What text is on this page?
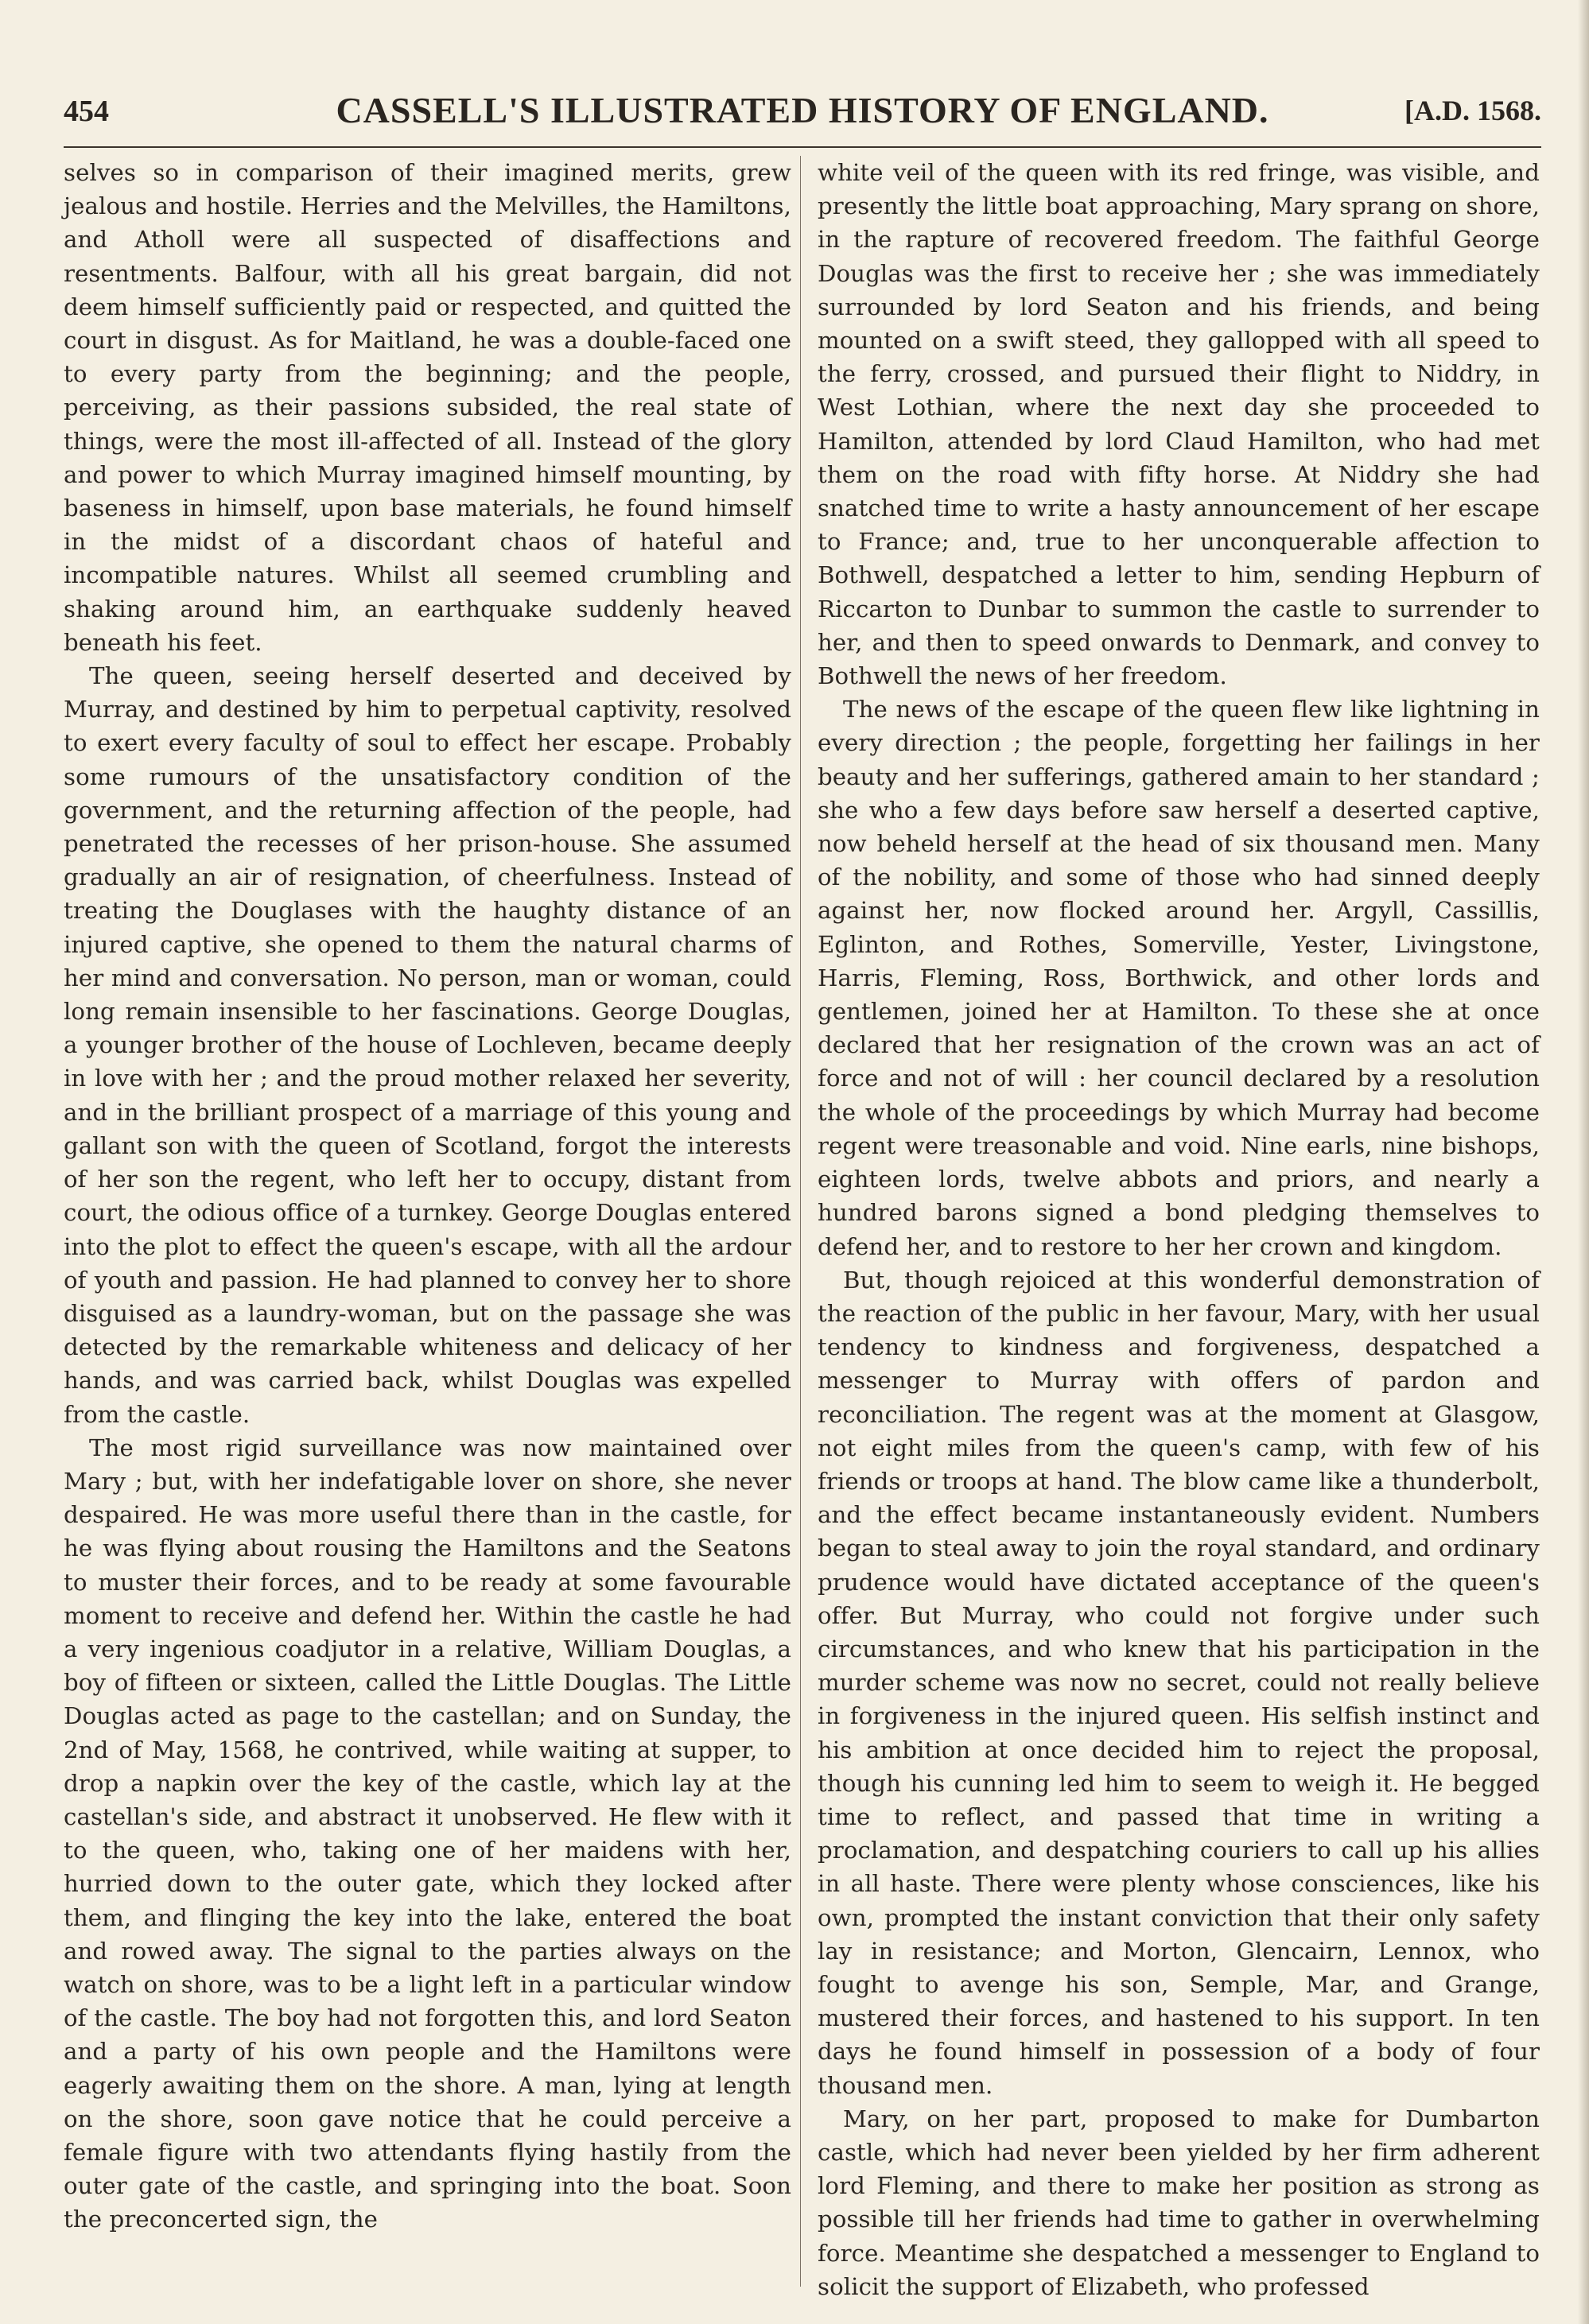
454	CASSELL'S ILLUSTRATED HISTORY OF ENGLAND.	[A.D. 1568.

selves so in comparison of their imagined merits, grew jealous and hostile. Herries and the Melvilles, the Hamiltons, and Atholl were all suspected of disaffections and resentments. Balfour, with all his great bargain, did not deem himself sufficiently paid or respected, and quitted the court in disgust. As for Maitland, he was a double-faced one to every party from the beginning; and the people, perceiving, as their passions subsided, the real state of things, were the most ill-affected of all. Instead of the glory and power to which Murray imagined himself mounting, by baseness in himself, upon base materials, he found himself in the midst of a discordant chaos of hateful and incompatible natures. Whilst all seemed crumbling and shaking around him, an earthquake suddenly heaved beneath his feet.

The queen, seeing herself deserted and deceived by Murray, and destined by him to perpetual captivity, resolved to exert every faculty of soul to effect her escape. Probably some rumours of the unsatisfactory condition of the government, and the returning affection of the people, had penetrated the recesses of her prison-house. She assumed gradually an air of resignation, of cheerfulness. Instead of treating the Douglases with the haughty distance of an injured captive, she opened to them the natural charms of her mind and conversation. No person, man or woman, could long remain insensible to her fascinations. George Douglas, a younger brother of the house of Lochleven, became deeply in love with her ; and the proud mother relaxed her severity, and in the brilliant prospect of a marriage of this young and gallant son with the queen of Scotland, forgot the interests of her son the regent, who left her to occupy, distant from court, the odious office of a turnkey. George Douglas entered into the plot to effect the queen's escape, with all the ardour of youth and passion. He had planned to convey her to shore disguised as a laundry-woman, but on the passage she was detected by the remarkable whiteness and delicacy of her hands, and was carried back, whilst Douglas was expelled from the castle.

The most rigid surveillance was now maintained over Mary ; but, with her indefatigable lover on shore, she never despaired. He was more useful there than in the castle, for he was flying about rousing the Hamiltons and the Seatons to muster their forces, and to be ready at some favourable moment to receive and defend her. Within the castle he had a very ingenious coadjutor in a relative, William Douglas, a boy of fifteen or sixteen, called the Little Douglas. The Little Douglas acted as page to the castellan; and on Sunday, the 2nd of May, 1568, he contrived, while waiting at supper, to drop a napkin over the key of the castle, which lay at the castellan's side, and abstract it unobserved. He flew with it to the queen, who, taking one of her maidens with her, hurried down to the outer gate, which they locked after them, and flinging the key into the lake, entered the boat and rowed away. The signal to the parties always on the watch on shore, was to be a light left in a particular window of the castle. The boy had not forgotten this, and lord Seaton and a party of his own people and the Hamiltons were eagerly awaiting them on the shore. A man, lying at length on the shore, soon gave notice that he could perceive a female figure with two attendants flying hastily from the outer gate of the castle, and springing into the boat. Soon the preconcerted sign, the

white veil of the queen with its red fringe, was visible, and presently the little boat approaching, Mary sprang on shore, in the rapture of recovered freedom. The faithful George Douglas was the first to receive her ; she was immediately surrounded by lord Seaton and his friends, and being mounted on a swift steed, they gallopped with all speed to the ferry, crossed, and pursued their flight to Niddry, in West Lothian, where the next day she proceeded to Hamilton, attended by lord Claud Hamilton, who had met them on the road with fifty horse. At Niddry she had snatched time to write a hasty announcement of her escape to France; and, true to her unconquerable affection to Bothwell, despatched a letter to him, sending Hepburn of Riccarton to Dunbar to summon the castle to surrender to her, and then to speed onwards to Denmark, and convey to Bothwell the news of her freedom.

The news of the escape of the queen flew like lightning in every direction ; the people, forgetting her failings in her beauty and her sufferings, gathered amain to her standard ; she who a few days before saw herself a deserted captive, now beheld herself at the head of six thousand men. Many of the nobility, and some of those who had sinned deeply against her, now flocked around her. Argyll, Cassillis, Eglinton, and Rothes, Somerville, Yester, Livingstone, Harris, Fleming, Ross, Borthwick, and other lords and gentlemen, joined her at Hamilton. To these she at once declared that her resignation of the crown was an act of force and not of will : her council declared by a resolution the whole of the proceedings by which Murray had become regent were treasonable and void. Nine earls, nine bishops, eighteen lords, twelve abbots and priors, and nearly a hundred barons signed a bond pledging themselves to defend her, and to restore to her her crown and kingdom.

But, though rejoiced at this wonderful demonstration of the reaction of the public in her favour, Mary, with her usual tendency to kindness and forgiveness, despatched a messenger to Murray with offers of pardon and reconciliation. The regent was at the moment at Glasgow, not eight miles from the queen's camp, with few of his friends or troops at hand. The blow came like a thunderbolt, and the effect became instantaneously evident. Numbers began to steal away to join the royal standard, and ordinary prudence would have dictated acceptance of the queen's offer. But Murray, who could not forgive under such circumstances, and who knew that his participation in the murder scheme was now no secret, could not really believe in forgiveness in the injured queen. His selfish instinct and his ambition at once decided him to reject the proposal, though his cunning led him to seem to weigh it. He begged time to reflect, and passed that time in writing a proclamation, and despatching couriers to call up his allies in all haste. There were plenty whose consciences, like his own, prompted the instant conviction that their only safety lay in resistance; and Morton, Glencairn, Lennox, who fought to avenge his son, Semple, Mar, and Grange, mustered their forces, and hastened to his support. In ten days he found himself in possession of a body of four thousand men.

Mary, on her part, proposed to make for Dumbarton castle, which had never been yielded by her firm adherent lord Fleming, and there to make her position as strong as possible till her friends had time to gather in overwhelming force. Meantime she despatched a messenger to England to solicit the support of Elizabeth, who professed
